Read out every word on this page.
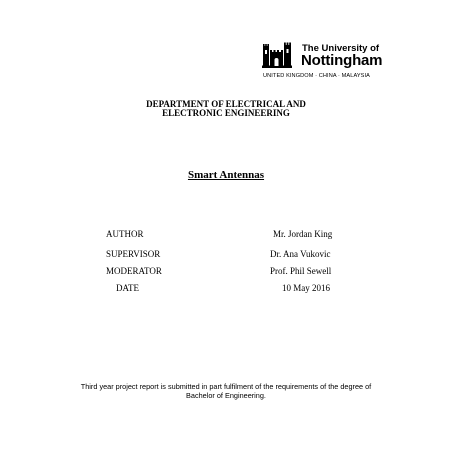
The University of
Nottingham
UNITED KINGDOM · CHINA · MALAYSIA
DEPARTMENT OF ELECTRICAL AND
ELECTRONIC ENGINEERING
Smart Antennas
AUTHOR	Mr. Jordan King
SUPERVISOR	Dr. Ana Vukovic
MODERATOR	Prof. Phil Sewell
DATE	10 May 2016
Third year project report is submitted in part fulfilment of the requirements of the degree of
Bachelor of Engineering.
